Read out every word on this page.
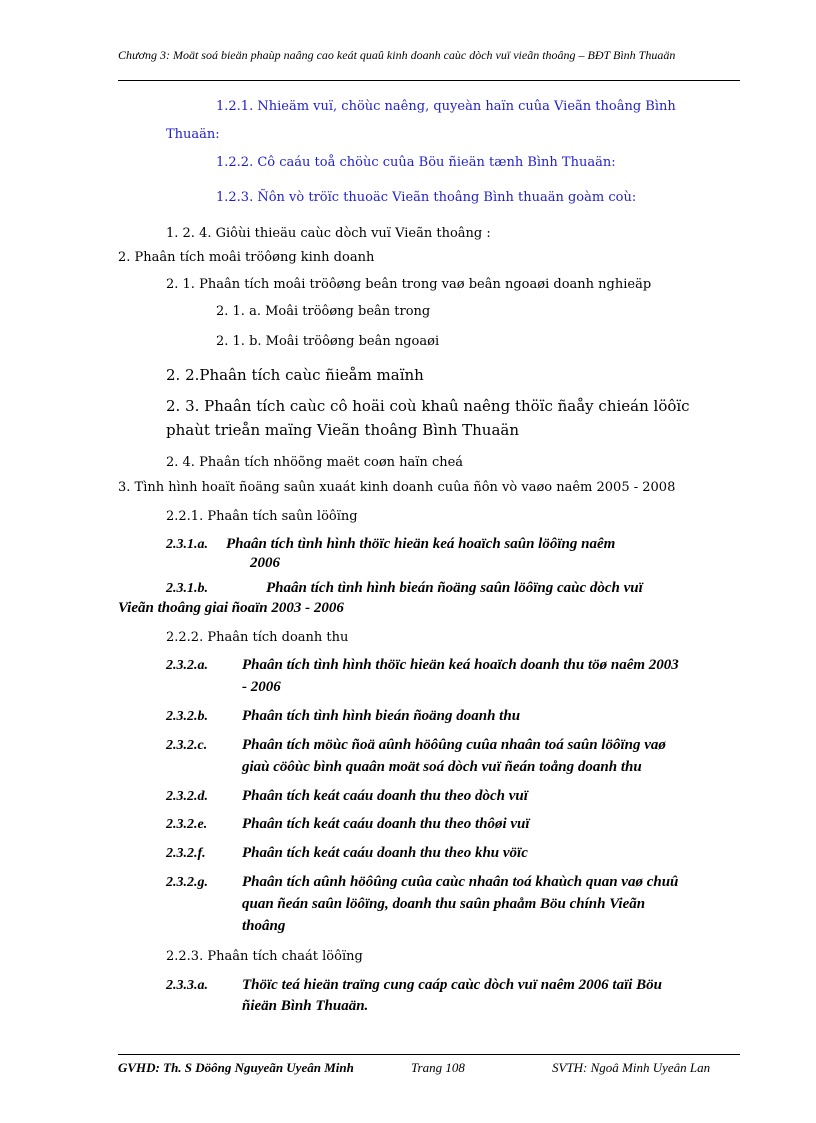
Chương 3: Moät soá bieän phaùp naâng cao keát quaû kinh doanh caùc dòch vuï vieãn thoâng – BĐT Bình Thuaän
1.2.1. Nhieäm vuï, chöùc naêng, quyeàn haïn cuûa Vieãn thoâng Bình
Thuaän:
1.2.2. Cô caáu toå chöùc cuûa Böu ñieän tænh Bình Thuaän:
1.2.3. Ñôn vò tröïc thuoäc Vieãn thoâng Bình thuaän goàm coù:
1. 2. 4. Giôùi thieäu caùc dòch vuï Vieãn thoâng :
2. Phaân tích moâi tröôøng kinh doanh
2. 1. Phaân tích moâi tröôøng beân trong vaø beân ngoaøi doanh nghieäp
2. 1. a. Moâi tröôøng beân trong
2. 1. b. Moâi tröôøng beân ngoaøi
2. 2.Phaân tích caùc ñieåm maïnh
2. 3. Phaân tích caùc cô hoäi coù khaû naêng thöïc ñaåy chieán löôïc
phaùt trieån maïng Vieãn thoâng Bình Thuaän
2. 4. Phaân tích nhöõng maët coøn haïn cheá
3. Tình hình hoaït ñoäng saûn xuaát kinh doanh cuûa ñôn vò vaøo naêm 2005 - 2008
2.2.1. Phaân tích saûn löôïng
2.3.1.a. Phaân tích tình hình thöïc hieän keá hoaïch saûn löôïng naêm
2006
2.3.1.b.	Phaân tích tình hình bieán ñoäng saûn löôïng caùc dòch vuï
Vieãn thoâng giai ñoaïn 2003 - 2006
2.2.2. Phaân tích doanh thu
2.3.2.a. Phaân tích tình hình thöïc hieän keá hoaïch doanh thu töø naêm 2003
- 2006
2.3.2.b. Phaân tích tình hình bieán ñoäng doanh thu
2.3.2.c. Phaân tích möùc ñoä aûnh höôûng cuûa nhaân toá saûn löôïng vaø
giaù cöôùc bình quaân moät soá dòch vuï ñeán toång doanh thu
2.3.2.d. Phaân tích keát caáu doanh thu theo dòch vuï
2.3.2.e. Phaân tích keát caáu doanh thu theo thôøi vuï
2.3.2.f. Phaân tích keát caáu doanh thu theo khu vöïc
2.3.2.g. Phaân tích aûnh höôûng cuûa caùc nhaân toá khaùch quan vaø chuû
quan ñeán saûn löôïng, doanh thu saûn phaåm Böu chính Vieãn
thoâng
2.2.3. Phaân tích chaát löôïng
2.3.3.a. Thöïc teá hieän traïng cung caáp caùc dòch vuï naêm 2006 taïi Böu
ñieän Bình Thuaän.
GVHD: Th. S Döông Nguyeãn Uyeân Minh	Trang 108	SVTH: Ngoâ Minh Uyeân Lan
